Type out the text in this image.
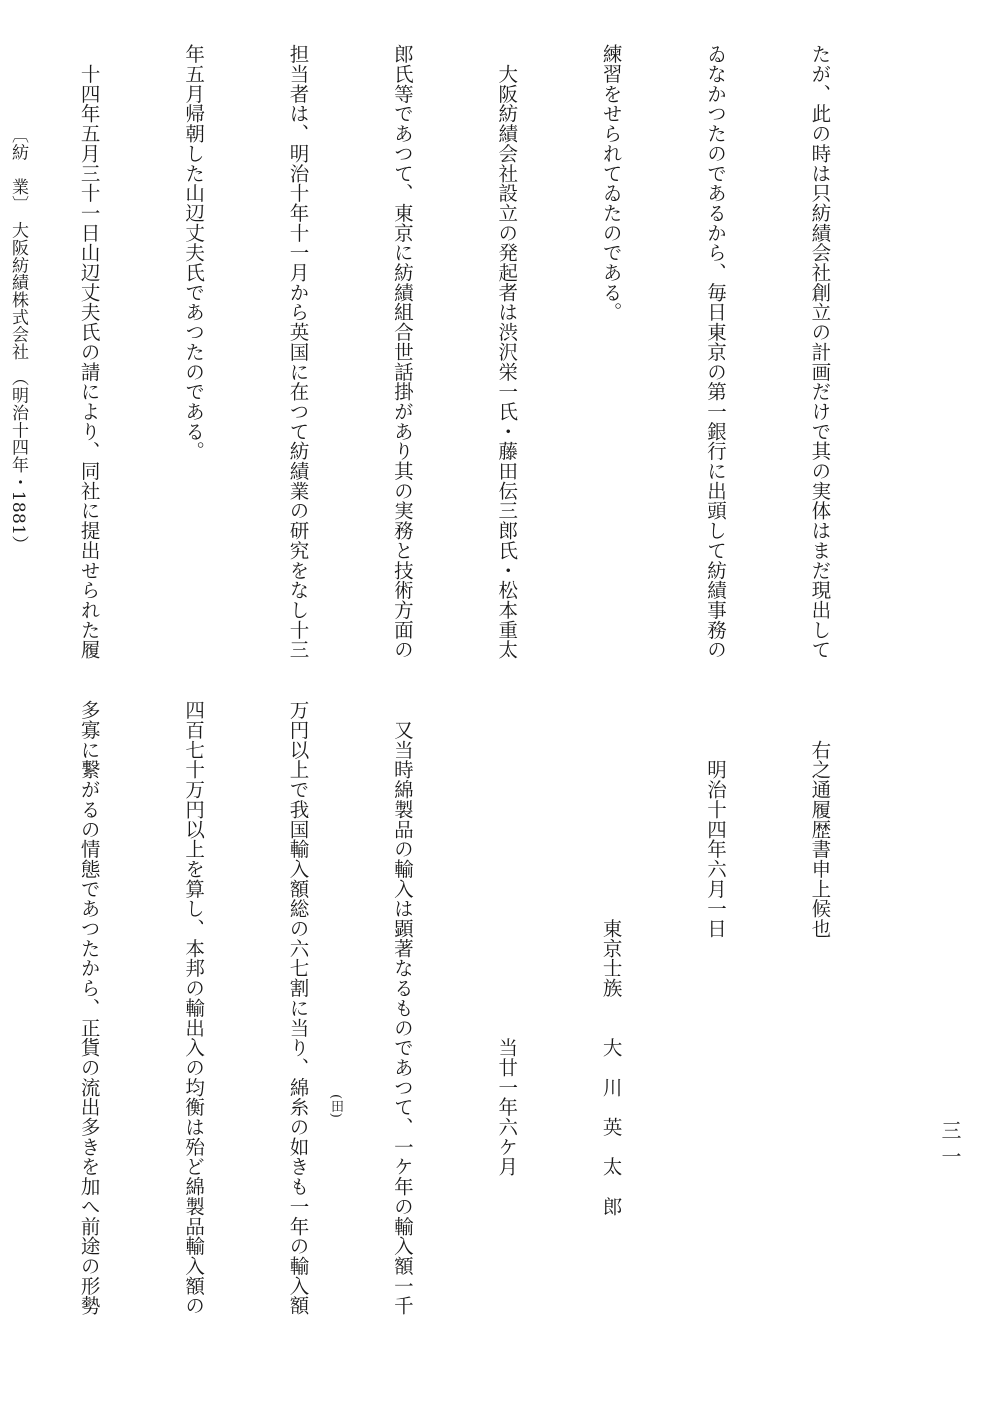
たが、此の時は只紡績会社創立の計画だけで其の実体はまだ現出して

ゐなかつたのであるから、毎日東京の第一銀行に出頭して紡績事務の

練習をせられてゐたのである。

　大阪紡績会社設立の発起者は渋沢栄一氏・藤田伝三郎氏・松本重太

郎氏等であつて、東京に紡績組合世話掛があり其の実務と技術方面の

担当者は、明治十年十一月から英国に在つて紡績業の研究をなし十三

年五月帰朝した山辺丈夫氏であつたのである。

　十四年五月三十一日山辺丈夫氏の請により、同社に提出せられた履

〔紡　業〕　大阪紡績株式会社　（明治十四年・1881）

　　右之通履歴書申上候也

　　　明治十四年六月一日

　　　　　　　　　　　東京士族　　大　川　英　太　郎

　　　　　　　　　　　　　　　　　当廿一年六ケ月

　又当時綿製品の輸入は顕著なるものであつて、一ケ年の輸入額一千

万円以上で我国輸入額総の六七割に当り、綿糸の如きも一年の輸入額

四百七十万円以上を算し、本邦の輸出入の均衡は殆ど綿製品輸入額の

多寡に繋がるの情態であつたから、正貨の流出多きを加へ前途の形勢

	(田)

三一
